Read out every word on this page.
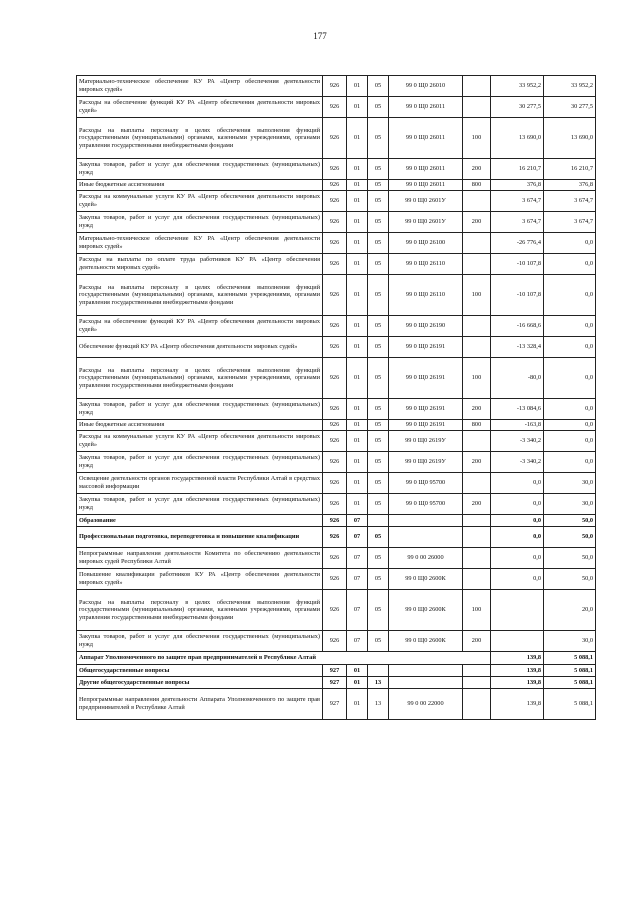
177
Материально-техническое обеспечение КУ РА «Центр обеспечения деятельности мировых судей»	926	01	05	99 0 Щ0 26010		33 952,2	33 952,2
Расходы на обеспечение функций КУ РА «Центр обеспечения деятельности мировых судей»	926	01	05	99 0 Щ0 26011		30 277,5	30 277,5
Расходы на выплаты персоналу в целях обеспечения выполнения функций государственными (муниципальными) органами, казенными учреждениями, органами управления государственными внебюджетными фондами	926	01	05	99 0 Щ0 26011	100	13 690,0	13 690,0
Закупка товаров, работ и услуг для обеспечения государственных (муниципальных) нужд	926	01	05	99 0 Щ0 26011	200	16 210,7	16 210,7
Иные бюджетные ассигнования	926	01	05	99 0 Щ0 26011	800	376,8	376,8
Расходы на коммунальные услуги КУ РА «Центр обеспечения деятельности мировых судей»	926	01	05	99 0 Щ0 2601У		3 674,7	3 674,7
Закупка товаров, работ и услуг для обеспечения государственных (муниципальных) нужд	926	01	05	99 0 Щ0 2601У	200	3 674,7	3 674,7
Материально-техническое обеспечение КУ РА «Центр обеспечения деятельности мировых судей»	926	01	05	99 0 Щ0 26100		-26 776,4	0,0
Расходы на выплаты по оплате труда работников КУ РА «Центр обеспечения деятельности мировых судей»	926	01	05	99 0 Щ0 26110		-10 107,8	0,0
Расходы на выплаты персоналу в целях обеспечения выполнения функций государственными (муниципальными) органами, казенными учреждениями, органами управления государственными внебюджетными фондами	926	01	05	99 0 Щ0 26110	100	-10 107,8	0,0
Расходы на обеспечение функций КУ РА «Центр обеспечения деятельности мировых судей»	926	01	05	99 0 Щ0 26190		-16 668,6	0,0
Обеспечение функций КУ РА «Центр обеспечения деятельности мировых судей»	926	01	05	99 0 Щ0 26191		-13 328,4	0,0
Расходы на выплаты персоналу в целях обеспечения выполнения функций государственными (муниципальными) органами, казенными учреждениями, органами управления государственными внебюджетными фондами	926	01	05	99 0 Щ0 26191	100	-80,0	0,0
Закупка товаров, работ и услуг для обеспечения государственных (муниципальных) нужд	926	01	05	99 0 Щ0 26191	200	-13 084,6	0,0
Иные бюджетные ассигнования	926	01	05	99 0 Щ0 26191	800	-163,8	0,0
Расходы на коммунальные услуги КУ РА «Центр обеспечения деятельности мировых судей»	926	01	05	99 0 Щ0 2619У		-3 340,2	0,0
Закупка товаров, работ и услуг для обеспечения государственных (муниципальных) нужд	926	01	05	99 0 Щ0 2619У	200	-3 340,2	0,0
Освещение деятельности органов государственной власти Республики Алтай в средствах массовой информации	926	01	05	99 0 Щ0 95700		0,0	30,0
Закупка товаров, работ и услуг для обеспечения государственных (муниципальных) нужд	926	01	05	99 0 Щ0 95700	200	0,0	30,0
Образование	926	07				0,0	50,0
Профессиональная подготовка, переподготовка и повышение квалификации	926	07	05			0,0	50,0
Непрограммные направления деятельности Комитета по обеспечению деятельности мировых судей Республики Алтай	926	07	05	99 0 00 26000		0,0	50,0
Повышение квалификации работников КУ РА «Центр обеспечения деятельности мировых судей»	926	07	05	99 0 Щ0 2600К		0,0	50,0
Расходы на выплаты персоналу в целях обеспечения выполнения функций государственными (муниципальными) органами, казенными учреждениями, органами управления государственными внебюджетными фондами	926	07	05	99 0 Щ0 2600К	100		20,0
Закупка товаров, работ и услуг для обеспечения государственных (муниципальных) нужд	926	07	05	99 0 Щ0 2600К	200		30,0
Аппарат Уполномоченного по защите прав предпринимателей в Республике Алтай						139,8	5 088,1
Общегосударственные вопросы	927	01				139,8	5 088,1
Другие общегосударственные вопросы	927	01	13			139,8	5 088,1
Непрограммные направления деятельности Аппарата Уполномоченного по защите прав предпринимателей в Республике Алтай	927	01	13	99 0 00 22000		139,8	5 088,1
